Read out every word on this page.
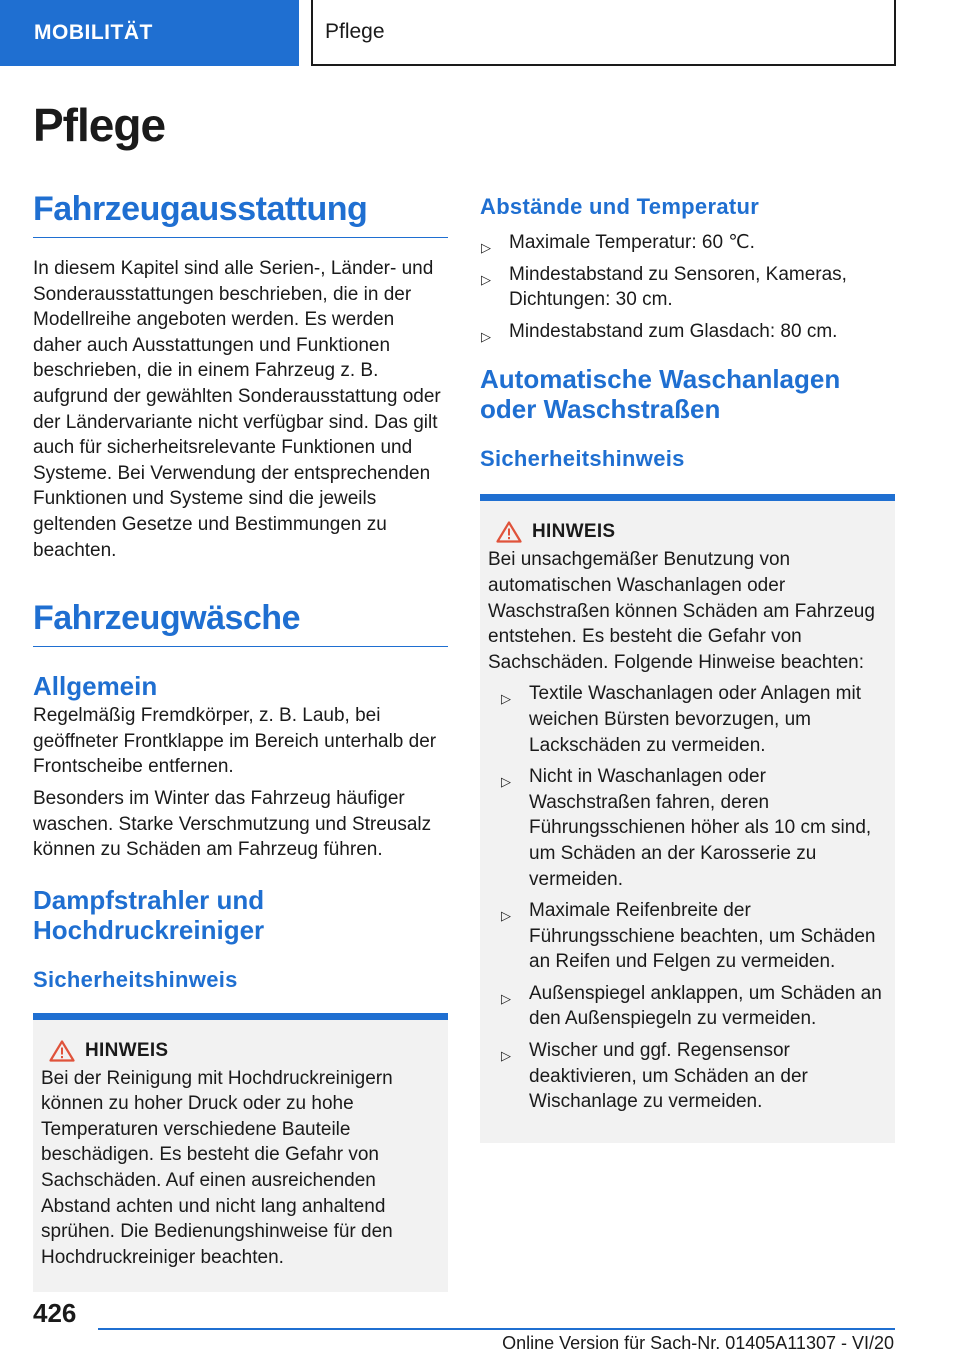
MOBILITÄT	Pflege
Pflege
Fahrzeugausstattung

In diesem Kapitel sind alle Serien-, Länder- und Sonderausstattungen beschrieben, die in der Modellreihe angeboten werden. Es werden daher auch Ausstattungen und Funktionen beschrieben, die in einem Fahrzeug z. B. aufgrund der gewählten Sonderausstattung oder der Ländervariante nicht verfügbar sind. Das gilt auch für sicherheitsrelevante Funktionen und Systeme. Bei Verwendung der entsprechenden Funktionen und Systeme sind die jeweils geltenden Gesetze und Bestimmungen zu beachten.

Fahrzeugwäsche
Allgemein

Regelmäßig Fremdkörper, z. B. Laub, bei geöffneter Frontklappe im Bereich unterhalb der Frontscheibe entfernen.

Besonders im Winter das Fahrzeug häufiger waschen. Starke Verschmutzung und Streusalz können zu Schäden am Fahrzeug führen.

Dampfstrahler und Hochdruckreiniger
Sicherheitshinweis
HINWEIS

Bei der Reinigung mit Hochdruckreinigern können zu hoher Druck oder zu hohe Temperaturen verschiedene Bauteile beschädigen. Es besteht die Gefahr von Sachschäden. Auf einen ausreichenden Abstand achten und nicht lang anhaltend sprühen. Die Bedienungshinweise für den Hochdruckreiniger beachten.

Abstände und Temperatur
▷ Maximale Temperatur: 60 ℃.
▷ Mindestabstand zu Sensoren, Kameras, Dichtungen: 30 cm.
▷ Mindestabstand zum Glasdach: 80 cm.
Automatische Waschanlagen oder Waschstraßen
Sicherheitshinweis
HINWEIS

Bei unsachgemäßer Benutzung von automatischen Waschanlagen oder Waschstraßen können Schäden am Fahrzeug entstehen. Es besteht die Gefahr von Sachschäden. Folgende Hinweise beachten:

▷ Textile Waschanlagen oder Anlagen mit weichen Bürsten bevorzugen, um Lackschäden zu vermeiden.
▷ Nicht in Waschanlagen oder Waschstraßen fahren, deren Führungsschienen höher als 10 cm sind, um Schäden an der Karosserie zu vermeiden.
▷ Maximale Reifenbreite der Führungsschiene beachten, um Schäden an Reifen und Felgen zu vermeiden.
▷ Außenspiegel anklappen, um Schäden an den Außenspiegeln zu vermeiden.
▷ Wischer und ggf. Regensensor deaktivieren, um Schäden an der Wischanlage zu vermeiden.
426
Online Version für Sach-Nr. 01405A11307 - VI/20
